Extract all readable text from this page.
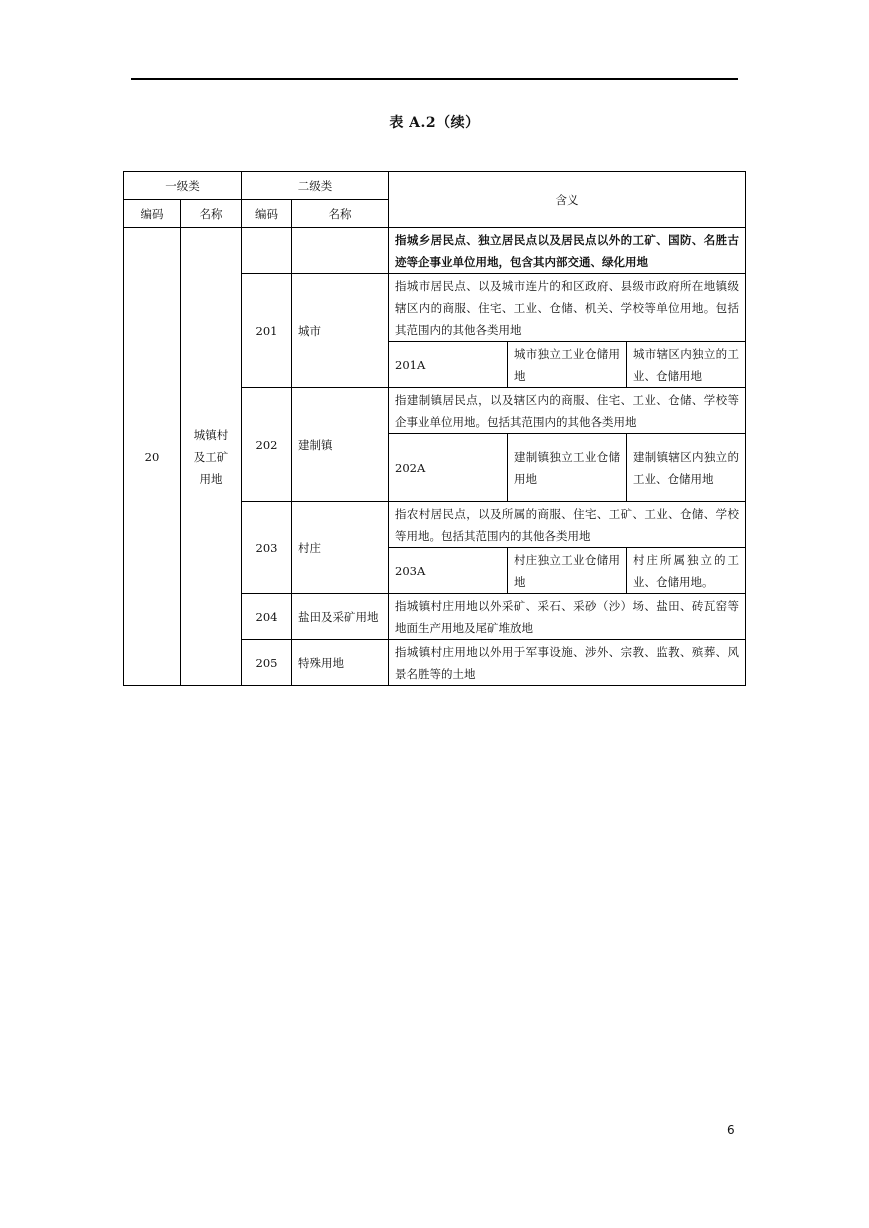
表 A.2（续）
一级类		二级类		含义		
编码	名称	编码	名称			
20	城镇村及工矿用地			指城乡居民点、独立居民点以及居民点以外的工矿、国防、名胜古迹等企事业单位用地，包含其内部交通、绿化用地		
		201	城市	指城市居民点、以及城市连片的和区政府、县级市政府所在地镇级辖区内的商服、住宅、工业、仓储、机关、学校等单位用地。包括其范围内的其他各类用地		
				201A	城市独立工业仓储用地	城市辖区内独立的工业、仓储用地
		202	建制镇	指建制镇居民点，以及辖区内的商服、住宅、工业、仓储、学校等企事业单位用地。包括其范围内的其他各类用地		
				202A	建制镇独立工业仓储用地	建制镇辖区内独立的工业、仓储用地
		203	村庄	指农村居民点，以及所属的商服、住宅、工矿、工业、仓储、学校等用地。包括其范围内的其他各类用地		
				203A	村庄独立工业仓储用地	村庄所属独立的工业、仓储用地。
		204	盐田及采矿用地	指城镇村庄用地以外采矿、采石、采砂（沙）场、盐田、砖瓦窑等地面生产用地及尾矿堆放地		
		205	特殊用地	指城镇村庄用地以外用于军事设施、涉外、宗教、监教、殡葬、风景名胜等的土地		
6
